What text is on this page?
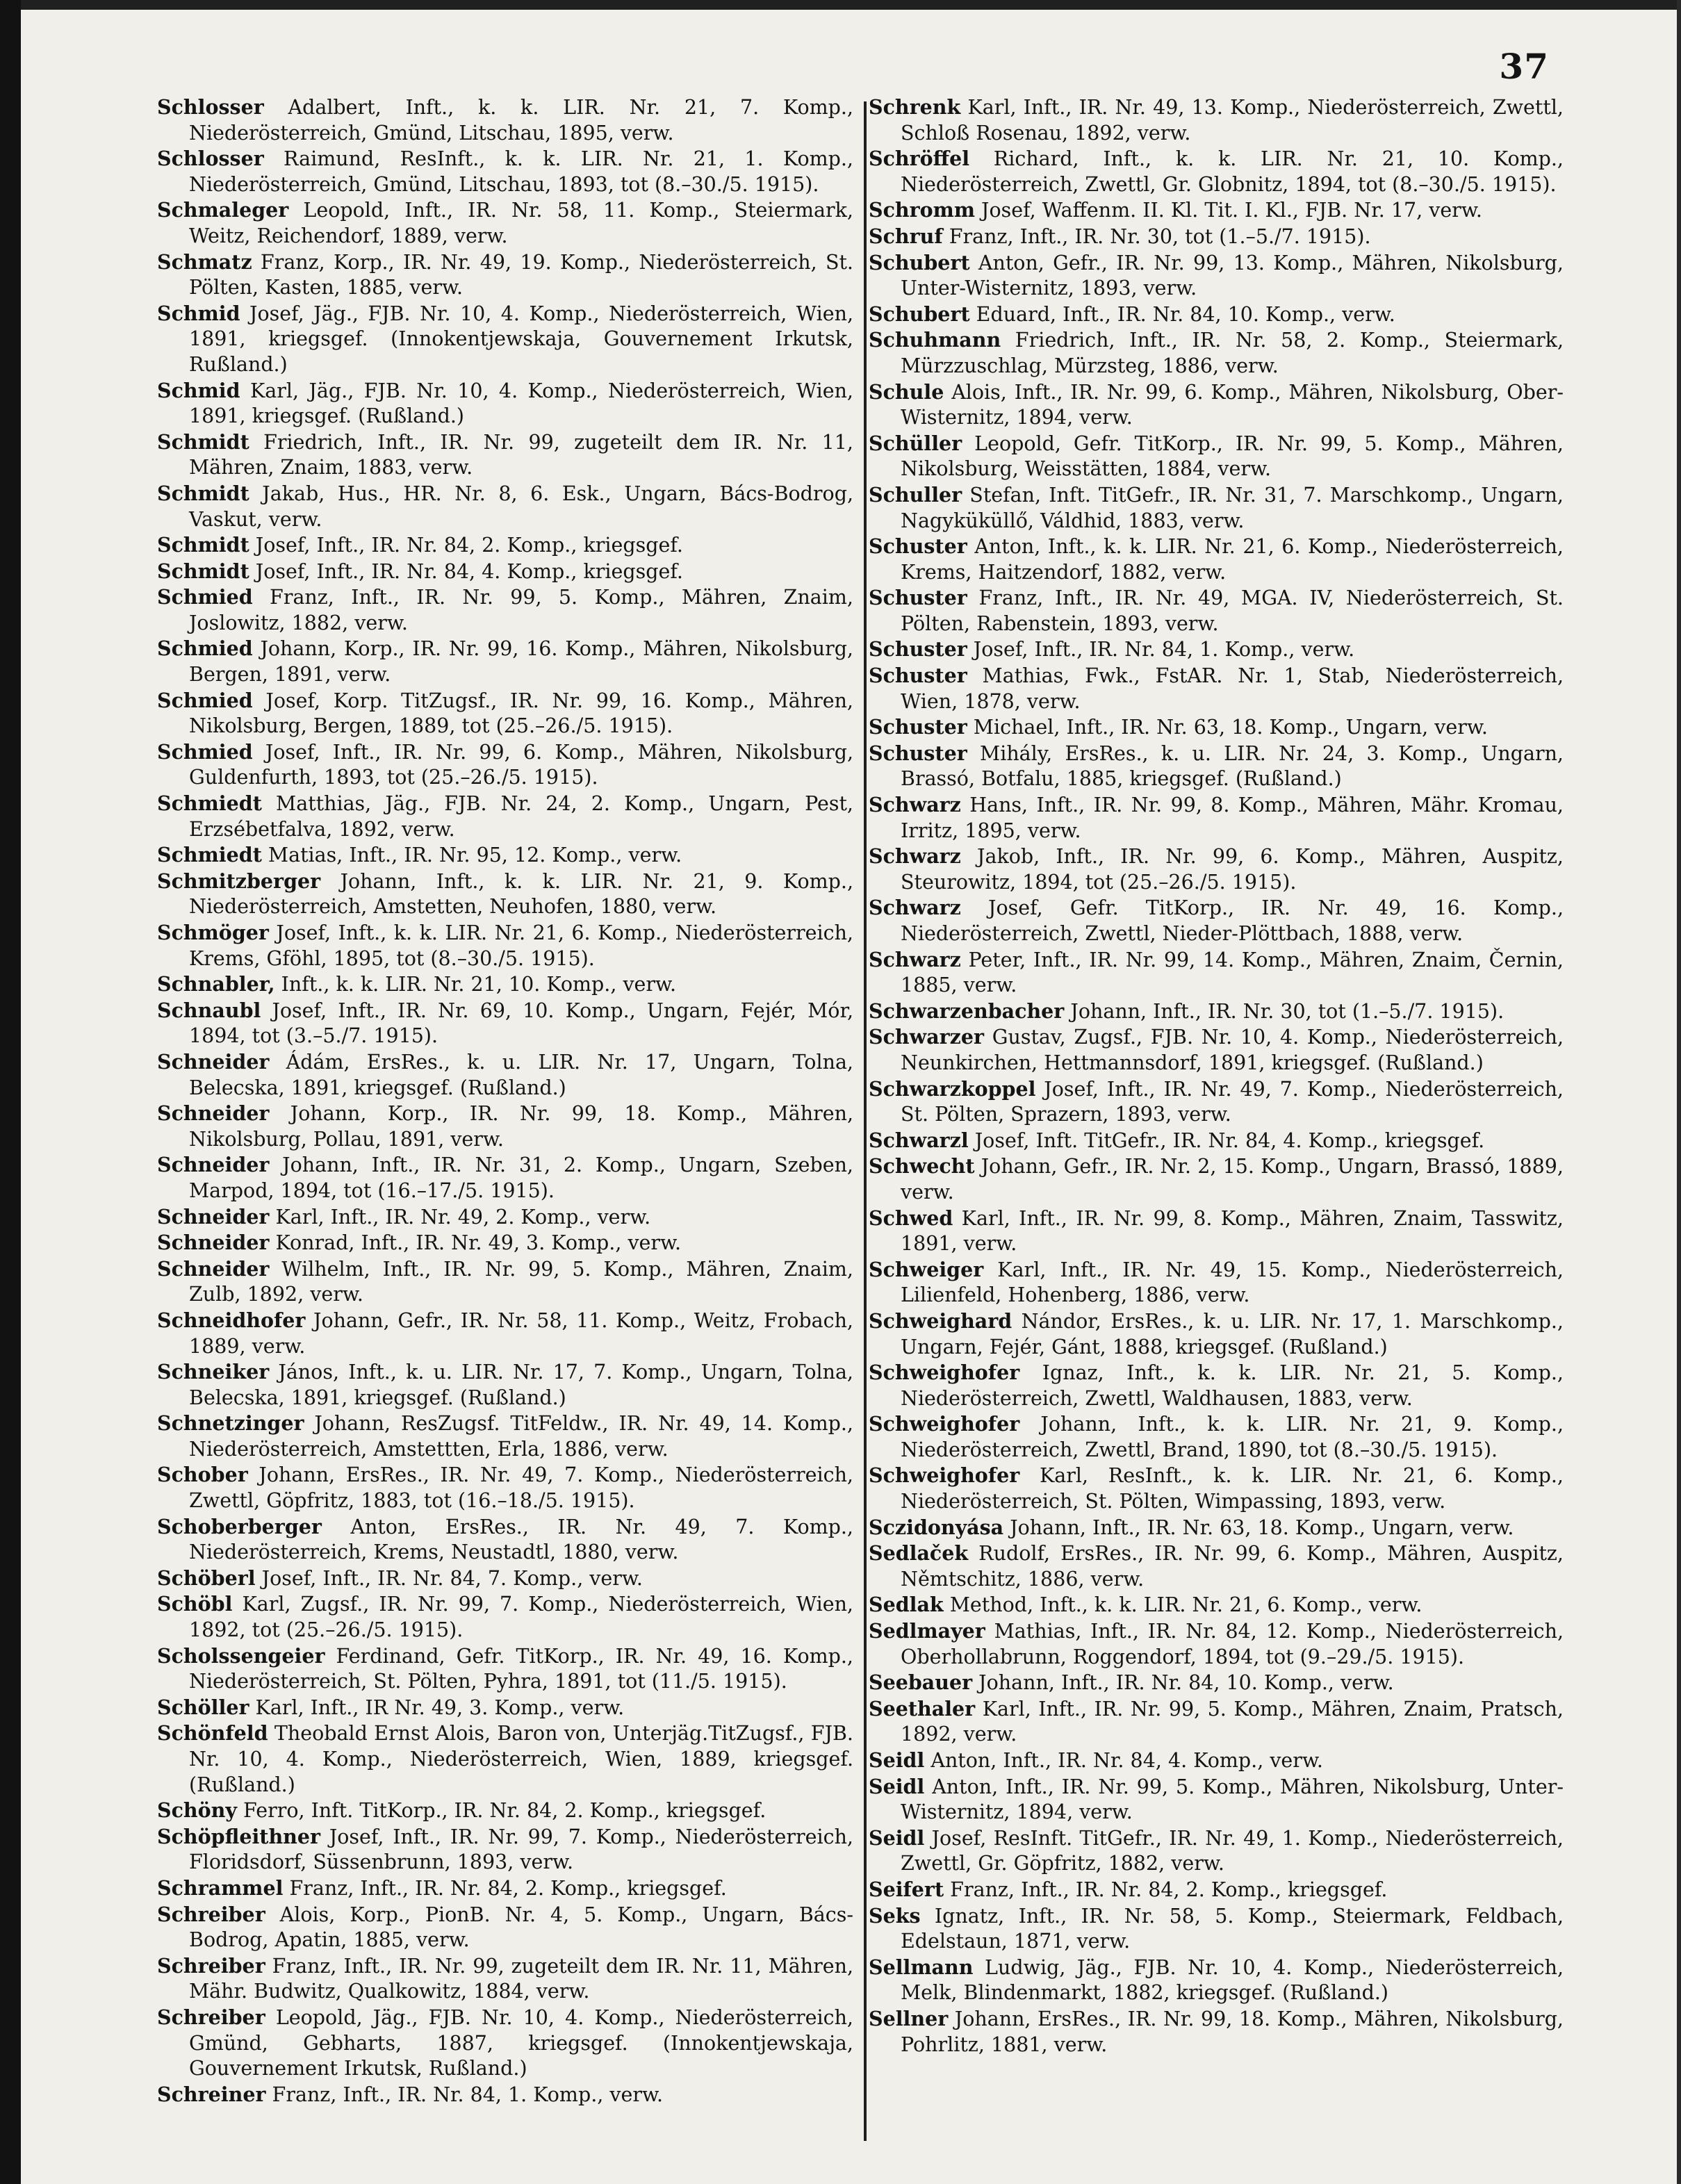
37

Schlosser Adalbert, Inft., k. k. LIR. Nr. 21, 7. Komp., Niederösterreich, Gmünd, Litschau, 1895, verw.

Schlosser Raimund, ResInft., k. k. LIR. Nr. 21, 1. Komp., Niederösterreich, Gmünd, Litschau, 1893, tot (8.–30./5. 1915).

Schmaleger Leopold, Inft., IR. Nr. 58, 11. Komp., Steiermark, Weitz, Reichendorf, 1889, verw.

Schmatz Franz, Korp., IR. Nr. 49, 19. Komp., Niederösterreich, St. Pölten, Kasten, 1885, verw.

Schmid Josef, Jäg., FJB. Nr. 10, 4. Komp., Niederösterreich, Wien, 1891, kriegsgef. (Innokentjewskaja, Gouvernement Irkutsk, Rußland.)

Schmid Karl, Jäg., FJB. Nr. 10, 4. Komp., Niederösterreich, Wien, 1891, kriegsgef. (Rußland.)

Schmidt Friedrich, Inft., IR. Nr. 99, zugeteilt dem IR. Nr. 11, Mähren, Znaim, 1883, verw.

Schmidt Jakab, Hus., HR. Nr. 8, 6. Esk., Ungarn, Bács-Bodrog, Vaskut, verw.

Schmidt Josef, Inft., IR. Nr. 84, 2. Komp., kriegsgef.

Schmidt Josef, Inft., IR. Nr. 84, 4. Komp., kriegsgef.

Schmied Franz, Inft., IR. Nr. 99, 5. Komp., Mähren, Znaim, Joslowitz, 1882, verw.

Schmied Johann, Korp., IR. Nr. 99, 16. Komp., Mähren, Nikolsburg, Bergen, 1891, verw.

Schmied Josef, Korp. TitZugsf., IR. Nr. 99, 16. Komp., Mähren, Nikolsburg, Bergen, 1889, tot (25.–26./5. 1915).

Schmied Josef, Inft., IR. Nr. 99, 6. Komp., Mähren, Nikolsburg, Guldenfurth, 1893, tot (25.–26./5. 1915).

Schmiedt Matthias, Jäg., FJB. Nr. 24, 2. Komp., Ungarn, Pest, Erzsébetfalva, 1892, verw.

Schmiedt Matias, Inft., IR. Nr. 95, 12. Komp., verw.

Schmitzberger Johann, Inft., k. k. LIR. Nr. 21, 9. Komp., Niederösterreich, Amstetten, Neuhofen, 1880, verw.

Schmöger Josef, Inft., k. k. LIR. Nr. 21, 6. Komp., Niederösterreich, Krems, Gföhl, 1895, tot (8.–30./5. 1915).

Schnabler, Inft., k. k. LIR. Nr. 21, 10. Komp., verw.

Schnaubl Josef, Inft., IR. Nr. 69, 10. Komp., Ungarn, Fejér, Mór, 1894, tot (3.–5./7. 1915).

Schneider Ádám, ErsRes., k. u. LIR. Nr. 17, Ungarn, Tolna, Belecska, 1891, kriegsgef. (Rußland.)

Schneider Johann, Korp., IR. Nr. 99, 18. Komp., Mähren, Nikolsburg, Pollau, 1891, verw.

Schneider Johann, Inft., IR. Nr. 31, 2. Komp., Ungarn, Szeben, Marpod, 1894, tot (16.–17./5. 1915).

Schneider Karl, Inft., IR. Nr. 49, 2. Komp., verw.

Schneider Konrad, Inft., IR. Nr. 49, 3. Komp., verw.

Schneider Wilhelm, Inft., IR. Nr. 99, 5. Komp., Mähren, Znaim, Zulb, 1892, verw.

Schneidhofer Johann, Gefr., IR. Nr. 58, 11. Komp., Weitz, Frobach, 1889, verw.

Schneiker János, Inft., k. u. LIR. Nr. 17, 7. Komp., Ungarn, Tolna, Belecska, 1891, kriegsgef. (Rußland.)

Schnetzinger Johann, ResZugsf. TitFeldw., IR. Nr. 49, 14. Komp., Niederösterreich, Amstettten, Erla, 1886, verw.

Schober Johann, ErsRes., IR. Nr. 49, 7. Komp., Niederösterreich, Zwettl, Göpfritz, 1883, tot (16.–18./5. 1915).

Schoberberger Anton, ErsRes., IR. Nr. 49, 7. Komp., Niederösterreich, Krems, Neustadtl, 1880, verw.

Schöberl Josef, Inft., IR. Nr. 84, 7. Komp., verw.

Schöbl Karl, Zugsf., IR. Nr. 99, 7. Komp., Niederösterreich, Wien, 1892, tot (25.–26./5. 1915).

Scholssengeier Ferdinand, Gefr. TitKorp., IR. Nr. 49, 16. Komp., Niederösterreich, St. Pölten, Pyhra, 1891, tot (11./5. 1915).

Schöller Karl, Inft., IR Nr. 49, 3. Komp., verw.

Schönfeld Theobald Ernst Alois, Baron von, Unterjäg.TitZugsf., FJB. Nr. 10, 4. Komp., Niederösterreich, Wien, 1889, kriegsgef. (Rußland.)

Schöny Ferro, Inft. TitKorp., IR. Nr. 84, 2. Komp., kriegsgef.

Schöpfleithner Josef, Inft., IR. Nr. 99, 7. Komp., Niederösterreich, Floridsdorf, Süssenbrunn, 1893, verw.

Schrammel Franz, Inft., IR. Nr. 84, 2. Komp., kriegsgef.

Schreiber Alois, Korp., PionB. Nr. 4, 5. Komp., Ungarn, Bács-Bodrog, Apatin, 1885, verw.

Schreiber Franz, Inft., IR. Nr. 99, zugeteilt dem IR. Nr. 11, Mähren, Mähr. Budwitz, Qualkowitz, 1884, verw.

Schreiber Leopold, Jäg., FJB. Nr. 10, 4. Komp., Niederösterreich, Gmünd, Gebharts, 1887, kriegsgef. (Innokentjewskaja, Gouvernement Irkutsk, Rußland.)

Schreiner Franz, Inft., IR. Nr. 84, 1. Komp., verw.

Schrenk Karl, Inft., IR. Nr. 49, 13. Komp., Niederösterreich, Zwettl, Schloß Rosenau, 1892, verw.

Schröffel Richard, Inft., k. k. LIR. Nr. 21, 10. Komp., Niederösterreich, Zwettl, Gr. Globnitz, 1894, tot (8.–30./5. 1915).

Schromm Josef, Waffenm. II. Kl. Tit. I. Kl., FJB. Nr. 17, verw.

Schruf Franz, Inft., IR. Nr. 30, tot (1.–5./7. 1915).

Schubert Anton, Gefr., IR. Nr. 99, 13. Komp., Mähren, Nikolsburg, Unter-Wisternitz, 1893, verw.

Schubert Eduard, Inft., IR. Nr. 84, 10. Komp., verw.

Schuhmann Friedrich, Inft., IR. Nr. 58, 2. Komp., Steiermark, Mürzzuschlag, Mürzsteg, 1886, verw.

Schule Alois, Inft., IR. Nr. 99, 6. Komp., Mähren, Nikolsburg, Ober-Wisternitz, 1894, verw.

Schüller Leopold, Gefr. TitKorp., IR. Nr. 99, 5. Komp., Mähren, Nikolsburg, Weisstätten, 1884, verw.

Schuller Stefan, Inft. TitGefr., IR. Nr. 31, 7. Marschkomp., Ungarn, Nagyküküllő, Váldhid, 1883, verw.

Schuster Anton, Inft., k. k. LIR. Nr. 21, 6. Komp., Niederösterreich, Krems, Haitzendorf, 1882, verw.

Schuster Franz, Inft., IR. Nr. 49, MGA. IV, Niederösterreich, St. Pölten, Rabenstein, 1893, verw.

Schuster Josef, Inft., IR. Nr. 84, 1. Komp., verw.

Schuster Mathias, Fwk., FstAR. Nr. 1, Stab, Niederösterreich, Wien, 1878, verw.

Schuster Michael, Inft., IR. Nr. 63, 18. Komp., Ungarn, verw.

Schuster Mihály, ErsRes., k. u. LIR. Nr. 24, 3. Komp., Ungarn, Brassó, Botfalu, 1885, kriegsgef. (Rußland.)

Schwarz Hans, Inft., IR. Nr. 99, 8. Komp., Mähren, Mähr. Kromau, Irritz, 1895, verw.

Schwarz Jakob, Inft., IR. Nr. 99, 6. Komp., Mähren, Auspitz, Steurowitz, 1894, tot (25.–26./5. 1915).

Schwarz Josef, Gefr. TitKorp., IR. Nr. 49, 16. Komp., Niederösterreich, Zwettl, Nieder-Plöttbach, 1888, verw.

Schwarz Peter, Inft., IR. Nr. 99, 14. Komp., Mähren, Znaim, Černin, 1885, verw.

Schwarzenbacher Johann, Inft., IR. Nr. 30, tot (1.–5./7. 1915).

Schwarzer Gustav, Zugsf., FJB. Nr. 10, 4. Komp., Niederösterreich, Neunkirchen, Hettmannsdorf, 1891, kriegsgef. (Rußland.)

Schwarzkoppel Josef, Inft., IR. Nr. 49, 7. Komp., Niederösterreich, St. Pölten, Sprazern, 1893, verw.

Schwarzl Josef, Inft. TitGefr., IR. Nr. 84, 4. Komp., kriegsgef.

Schwecht Johann, Gefr., IR. Nr. 2, 15. Komp., Ungarn, Brassó, 1889, verw.

Schwed Karl, Inft., IR. Nr. 99, 8. Komp., Mähren, Znaim, Tasswitz, 1891, verw.

Schweiger Karl, Inft., IR. Nr. 49, 15. Komp., Niederösterreich, Lilienfeld, Hohenberg, 1886, verw.

Schweighard Nándor, ErsRes., k. u. LIR. Nr. 17, 1. Marschkomp., Ungarn, Fejér, Gánt, 1888, kriegsgef. (Rußland.)

Schweighofer Ignaz, Inft., k. k. LIR. Nr. 21, 5. Komp., Niederösterreich, Zwettl, Waldhausen, 1883, verw.

Schweighofer Johann, Inft., k. k. LIR. Nr. 21, 9. Komp., Niederösterreich, Zwettl, Brand, 1890, tot (8.–30./5. 1915).

Schweighofer Karl, ResInft., k. k. LIR. Nr. 21, 6. Komp., Niederösterreich, St. Pölten, Wimpassing, 1893, verw.

Sczidonyása Johann, Inft., IR. Nr. 63, 18. Komp., Ungarn, verw.

Sedlaček Rudolf, ErsRes., IR. Nr. 99, 6. Komp., Mähren, Auspitz, Němtschitz, 1886, verw.

Sedlak Method, Inft., k. k. LIR. Nr. 21, 6. Komp., verw.

Sedlmayer Mathias, Inft., IR. Nr. 84, 12. Komp., Niederösterreich, Oberhollabrunn, Roggendorf, 1894, tot (9.–29./5. 1915).

Seebauer Johann, Inft., IR. Nr. 84, 10. Komp., verw.

Seethaler Karl, Inft., IR. Nr. 99, 5. Komp., Mähren, Znaim, Pratsch, 1892, verw.

Seidl Anton, Inft., IR. Nr. 84, 4. Komp., verw.

Seidl Anton, Inft., IR. Nr. 99, 5. Komp., Mähren, Nikolsburg, Unter-Wisternitz, 1894, verw.

Seidl Josef, ResInft. TitGefr., IR. Nr. 49, 1. Komp., Niederösterreich, Zwettl, Gr. Göpfritz, 1882, verw.

Seifert Franz, Inft., IR. Nr. 84, 2. Komp., kriegsgef.

Seks Ignatz, Inft., IR. Nr. 58, 5. Komp., Steiermark, Feldbach, Edelstaun, 1871, verw.

Sellmann Ludwig, Jäg., FJB. Nr. 10, 4. Komp., Niederösterreich, Melk, Blindenmarkt, 1882, kriegsgef. (Rußland.)

Sellner Johann, ErsRes., IR. Nr. 99, 18. Komp., Mähren, Nikolsburg, Pohrlitz, 1881, verw.
